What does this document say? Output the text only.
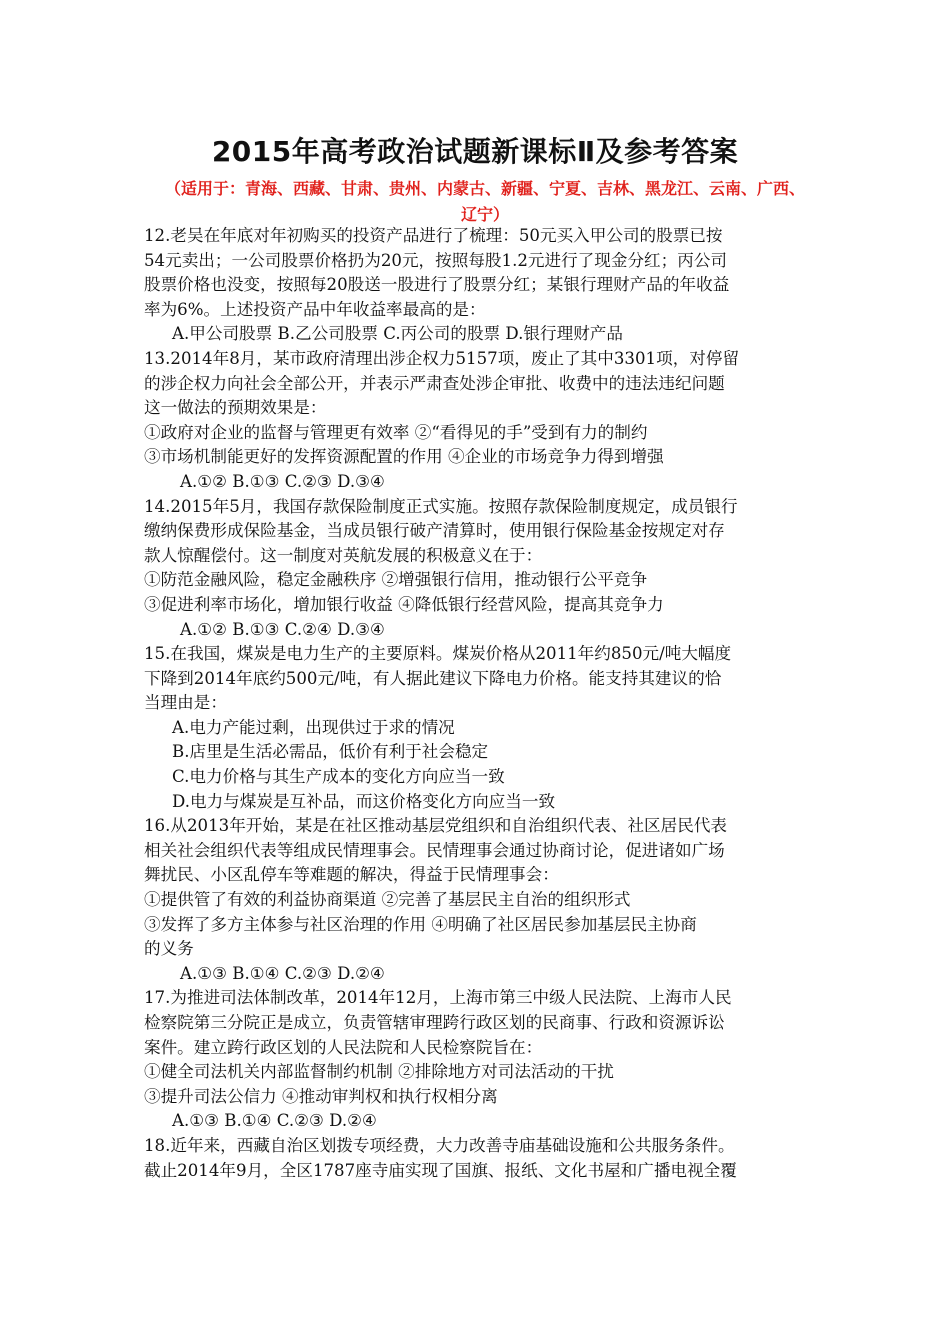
2015年高考政治试题新课标Ⅱ及参考答案
（适用于：青海、西藏、甘肃、贵州、内蒙古、新疆、宁夏、吉林、黑龙江、云南、广西、
辽宁）
12.老吴在年底对年初购买的投资产品进行了梳理：50元买入甲公司的股票已按
54元卖出；一公司股票价格扔为20元，按照每股1.2元进行了现金分红；丙公司
股票价格也没变，按照每20股送一股进行了股票分红；某银行理财产品的年收益
率为6%。上述投资产品中年收益率最高的是：
A.甲公司股票 B.乙公司股票 C.丙公司的股票 D.银行理财产品
13.2014年8月，某市政府清理出涉企权力5157项，废止了其中3301项，对停留
的涉企权力向社会全部公开，并表示严肃查处涉企审批、收费中的违法违纪问题
这一做法的预期效果是：
①政府对企业的监督与管理更有效率 ②“看得见的手”受到有力的制约
③市场机制能更好的发挥资源配置的作用 ④企业的市场竞争力得到增强
A.①② B.①③ C.②③ D.③④
14.2015年5月，我国存款保险制度正式实施。按照存款保险制度规定，成员银行
缴纳保费形成保险基金，当成员银行破产清算时，使用银行保险基金按规定对存
款人惊醒偿付。这一制度对英航发展的积极意义在于：
①防范金融风险，稳定金融秩序 ②增强银行信用，推动银行公平竞争
③促进利率市场化，增加银行收益 ④降低银行经营风险，提高其竞争力
A.①② B.①③ C.②④ D.③④
15.在我国，煤炭是电力生产的主要原料。煤炭价格从2011年约850元/吨大幅度
下降到2014年底约500元/吨，有人据此建议下降电力价格。能支持其建议的恰
当理由是：
A.电力产能过剩，出现供过于求的情况
B.店里是生活必需品，低价有利于社会稳定
C.电力价格与其生产成本的变化方向应当一致
D.电力与煤炭是互补品，而这价格变化方向应当一致
16.从2013年开始，某是在社区推动基层党组织和自治组织代表、社区居民代表
相关社会组织代表等组成民情理事会。民情理事会通过协商讨论，促进诸如广场
舞扰民、小区乱停车等难题的解决，得益于民情理事会：
①提供管了有效的利益协商渠道 ②完善了基层民主自治的组织形式
③发挥了多方主体参与社区治理的作用 ④明确了社区居民参加基层民主协商
的义务
A.①③ B.①④ C.②③ D.②④
17.为推进司法体制改革，2014年12月，上海市第三中级人民法院、上海市人民
检察院第三分院正是成立，负责管辖审理跨行政区划的民商事、行政和资源诉讼
案件。建立跨行政区划的人民法院和人民检察院旨在：
①健全司法机关内部监督制约机制 ②排除地方对司法活动的干扰
③提升司法公信力 ④推动审判权和执行权相分离
A.①③ B.①④ C.②③ D.②④
18.近年来，西藏自治区划拨专项经费，大力改善寺庙基础设施和公共服务条件。
截止2014年9月，全区1787座寺庙实现了国旗、报纸、文化书屋和广播电视全覆
